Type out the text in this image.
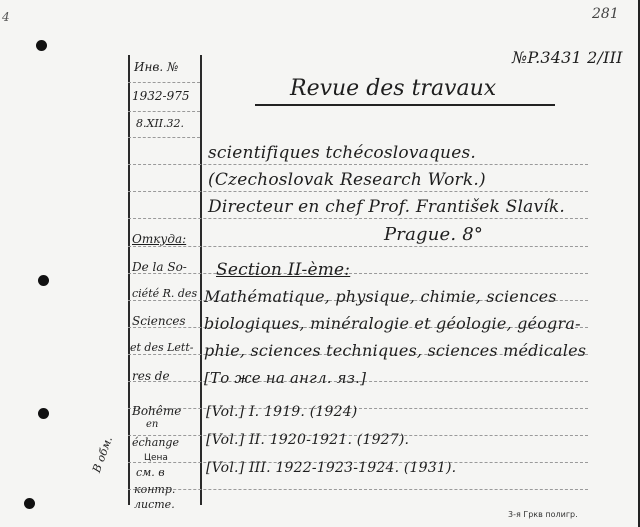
281
4
Инв. №
1932-975
8.XII.32.
№P.3431 2/III
Revue des travaux
scientifiques tchécoslovaques.
(Czechoslovak Research Work.)
Directeur en chef Prof. František Slavík.
Prague. 8°
Section II-ème:
Mathématique, physique, chimie, sciences
biologiques, minéralogie et géologie, géogra-
phie, sciences techniques, sciences médicales
[То же на англ. яз.]
[Vol.] I. 1919. (1924)
[Vol.] II. 1920-1921. (1927).
[Vol.] III. 1922-1923-1924. (1931).
Откуда:
De la So-
ciété R. des
Sciences
et des Lett-
res de
Bohême
en
échange
Цена
см. в
контр.
листе.
В обм.
3-я Гркв полигр.
